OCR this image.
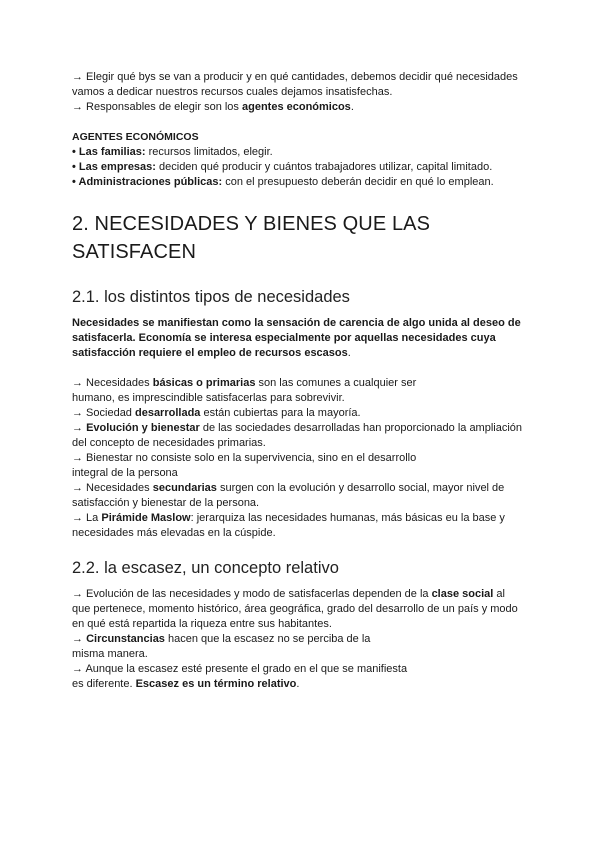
→ Elegir qué bys se van a producir y en qué cantidades, debemos decidir qué necesidades

vamos a dedicar nuestros recursos cuales dejamos insatisfechas.

→ Responsables de elegir son los agentes económicos.

AGENTES ECONÓMICOS

• Las familias: recursos limitados, elegir.

• Las empresas: deciden qué producir y cuántos trabajadores utilizar, capital limitado.

• Administraciones públicas: con el presupuesto deberán decidir en qué lo emplean.

2. NECESIDADES Y BIENES QUE LAS
SATISFACEN
2.1. los distintos tipos de necesidades

Necesidades se manifiestan como la sensación de carencia de algo unida al deseo de
satisfacerla. Economía se interesa especialmente por aquellas necesidades cuya
satisfacción requiere el empleo de recursos escasos.

→ Necesidades básicas o primarias son las comunes a cualquier ser
humano, es imprescindible satisfacerlas para sobrevivir.

→ Sociedad desarrollada están cubiertas para la mayoría.

→ Evolución y bienestar de las sociedades desarrolladas han proporcionado la ampliación
del concepto de necesidades primarias.

→ Bienestar no consiste solo en la supervivencia, sino en el desarrollo
integral de la persona

→ Necesidades secundarias surgen con la evolución y desarrollo social, mayor nivel de
satisfacción y bienestar de la persona.

→ La Pirámide Maslow: jerarquiza las necesidades humanas, más básicas eu la base y
necesidades más elevadas en la cúspide.

2.2. la escasez, un concepto relativo

→ Evolución de las necesidades y modo de satisfacerlas dependen de la clase social al
que pertenece, momento histórico, área geográfica, grado del desarrollo de un país y modo
en qué está repartida la riqueza entre sus habitantes.

→ Circunstancias hacen que la escasez no se perciba de la
misma manera.

→ Aunque la escasez esté presente el grado en el que se manifiesta
es diferente. Escasez es un término relativo.
